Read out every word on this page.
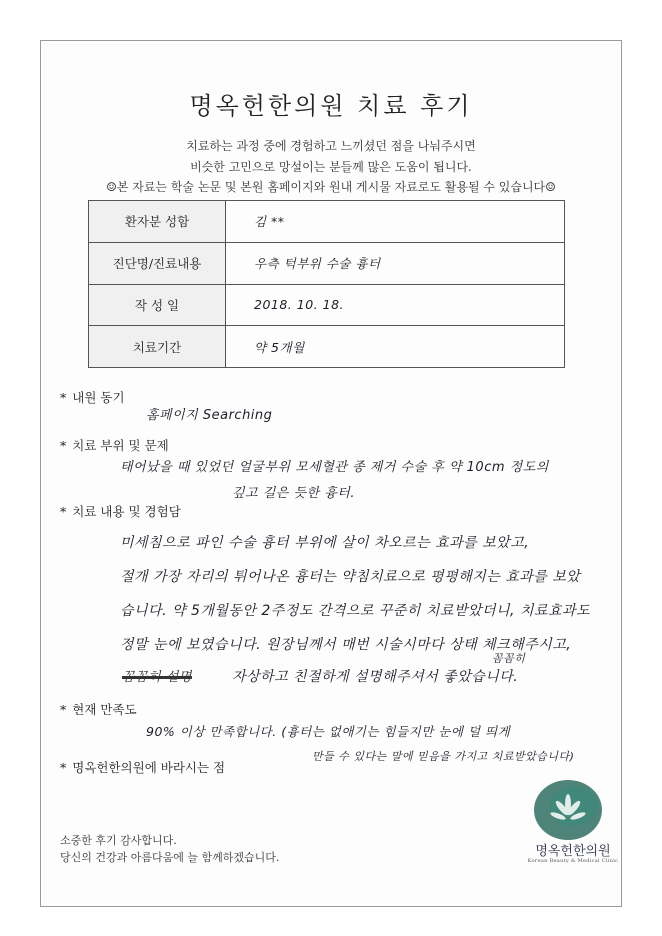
명옥헌한의원 치료 후기
치료하는 과정 중에 경험하고 느끼셨던 점을 나눠주시면
비슷한 고민으로 망설이는 분들께 많은 도움이 됩니다.
☺본 자료는 학술 논문 및 본원 홈페이지와 원내 게시물 자료로도 활용될 수 있습니다☺
환자분 성함	김 **
진단명/진료내용	우측 턱부위 수술 흉터
작 성 일	2018. 10. 18.
치료기간	약 5개월
* 내원 동기
홈페이지 Searching
* 치료 부위 및 문제
태어났을 때 있었던 얼굴부위 모세혈관 종 제거 수술 후 약 10cm 정도의
깊고 길은 듯한 흉터.
* 치료 내용 및 경험담
미세침으로 파인 수술 흉터 부위에 살이 차오르는 효과를 보았고,
절개 가장 자리의 튀어나온 흉터는 약침치료으로 평평해지는 효과를 보았
습니다. 약 5개월동안 2주정도 간격으로 꾸준히 치료받았더니, 치료효과도
정말 눈에 보였습니다. 원장님께서 매번 시술시마다 상태 체크해주시고,
꼼꼼히
꼼꼼히 설명	자상하고 친절하게 설명해주셔서 좋았습니다.
* 현재 만족도
90% 이상 만족합니다. (흉터는 없애기는 힘들지만 눈에 덜 띄게
만들 수 있다는 말에 믿음을 가지고 치료받았습니다)
* 명옥헌한의원에 바라시는 점
소중한 후기 감사합니다.
당신의 건강과 아름다움에 늘 함께하겠습니다.	명옥헌한의원
Korean Beauty & Medical Clinic
